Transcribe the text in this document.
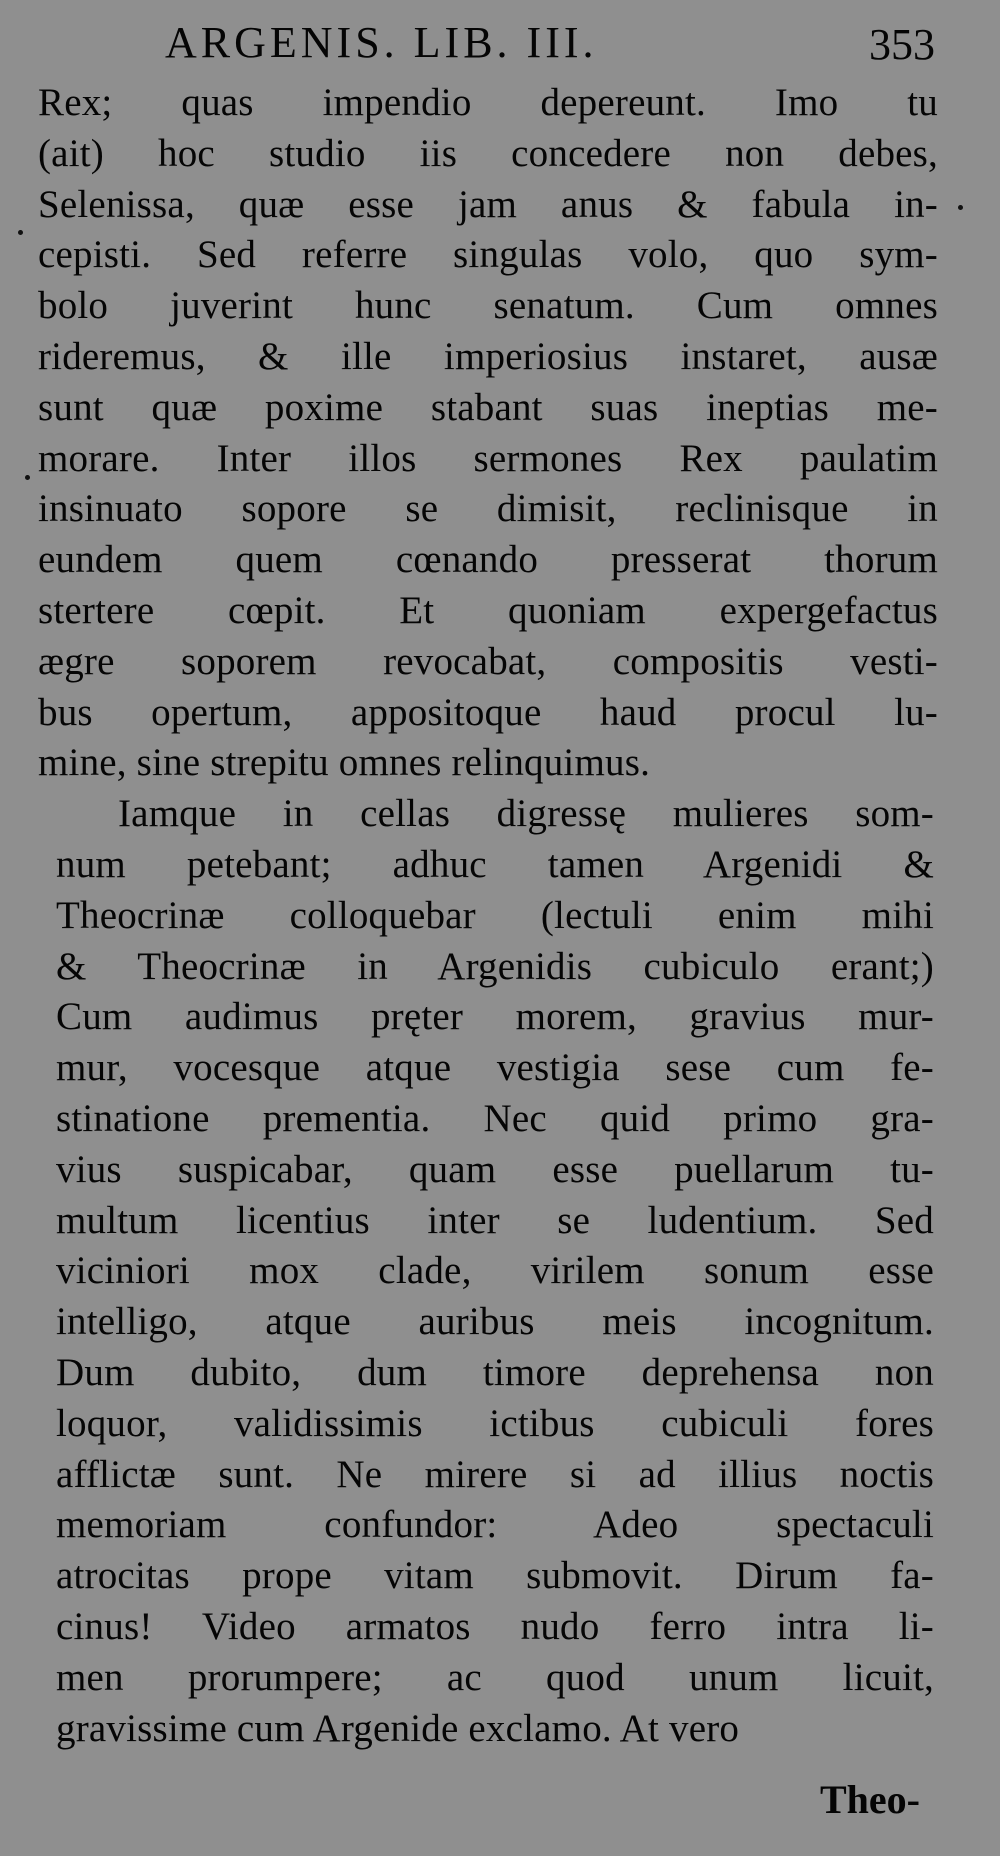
ARGENIS. LIB. III.	353
Rex; quas impendio depereunt. Imo tu
(ait) hoc studio iis concedere non debes,
Selenissa, quæ esse jam anus & fabula in-
cepisti. Sed referre singulas volo, quo sym-
bolo juverint hunc senatum. Cum omnes
rideremus, & ille imperiosius instaret, ausæ
sunt quæ poxime stabant suas ineptias me-
morare. Inter illos sermones Rex paulatim
insinuato sopore se dimisit, reclinisque in
eundem quem cœnando presserat thorum
stertere cœpit. Et quoniam expergefactus
ægre soporem revocabat, compositis vesti-
bus opertum, appositoque haud procul lu-
mine, sine strepitu omnes relinquimus.
Iamque in cellas digressę mulieres som-
num petebant; adhuc tamen Argenidi &
Theocrinæ colloquebar (lectuli enim mihi
& Theocrinæ in Argenidis cubiculo erant;)
Cum audimus pręter morem, gravius mur-
mur, vocesque atque vestigia sese cum fe-
stinatione prementia. Nec quid primo gra-
vius suspicabar, quam esse puellarum tu-
multum licentius inter se ludentium. Sed
viciniori mox clade, virilem sonum esse
intelligo, atque auribus meis incognitum.
Dum dubito, dum timore deprehensa non
loquor, validissimis ictibus cubiculi fores
afflictæ sunt. Ne mirere si ad illius noctis
memoriam confundor: Adeo spectaculi
atrocitas prope vitam submovit. Dirum fa-
cinus! Video armatos nudo ferro intra li-
men prorumpere; ac quod unum licuit,
gravissime cum Argenide exclamo. At vero
Theo-
